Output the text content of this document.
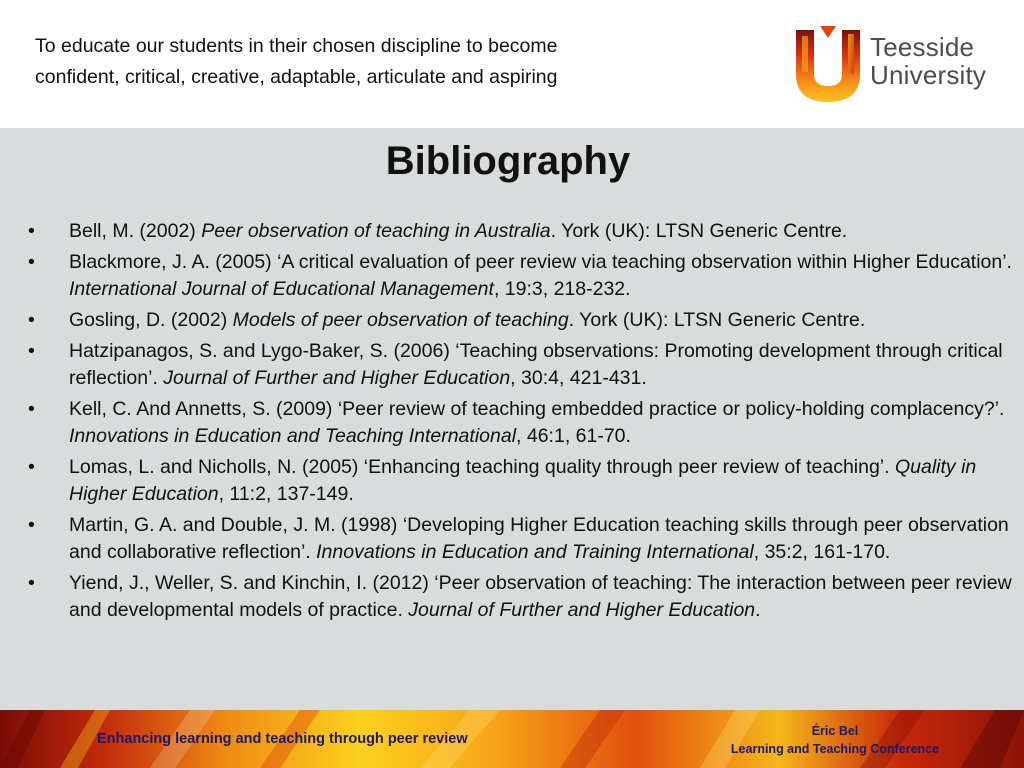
To educate our students in their chosen discipline to become
confident, critical, creative, adaptable, articulate and aspiring
Teesside
University
Bibliography
• Bell, M. (2002) Peer observation of teaching in Australia. York (UK): LTSN Generic Centre.
• Blackmore, J. A. (2005) ‘A critical evaluation of peer review via teaching observation within Higher Education’. International Journal of Educational Management, 19:3, 218-232.
• Gosling, D. (2002) Models of peer observation of teaching. York (UK): LTSN Generic Centre.
• Hatzipanagos, S. and Lygo-Baker, S. (2006) ‘Teaching observations: Promoting development through critical reflection’. Journal of Further and Higher Education, 30:4, 421-431.
• Kell, C. And Annetts, S. (2009) ‘Peer review of teaching embedded practice or policy-holding complacency?’. Innovations in Education and Teaching International, 46:1, 61-70.
• Lomas, L. and Nicholls, N. (2005) ‘Enhancing teaching quality through peer review of teaching’. Quality in Higher Education, 11:2, 137-149.
• Martin, G. A. and Double, J. M. (1998) ‘Developing Higher Education teaching skills through peer observation and collaborative reflection’. Innovations in Education and Training International, 35:2, 161-170.
• Yiend, J., Weller, S. and Kinchin, I. (2012) ‘Peer observation of teaching: The interaction between peer review and developmental models of practice. Journal of Further and Higher Education.
Enhancing learning and teaching through peer review	Éric Bel
Learning and Teaching Conference
